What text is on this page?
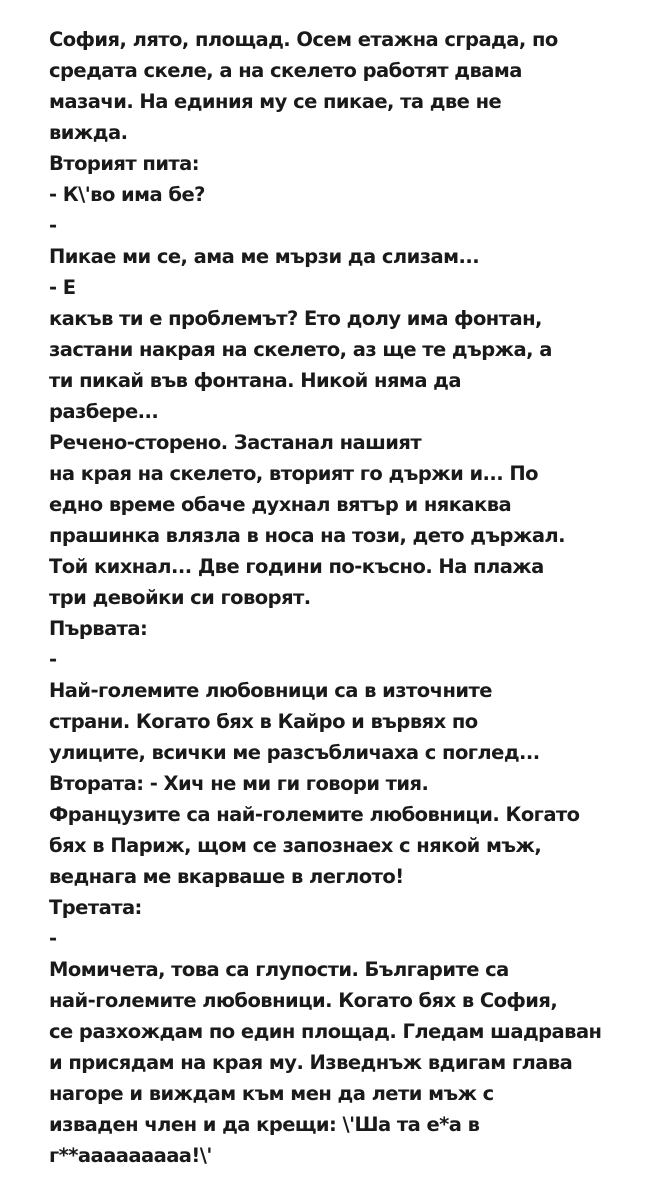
София, лято, площад. Осем етажна сграда, по
средата скеле, а на скелето работят двама
мазачи. На единия му се пикае, та две не
вижда.
Вторият пита:
- К\'во има бе?
-
Пикае ми се, ама ме мързи да слизам...
- Е
какъв ти е проблемът? Ето долу има фонтан,
застани накрая на скелето, аз ще те държа, а
ти пикай във фонтана. Никой няма да
разбере...
Речено-сторено. Застанал нашият
на края на скелето, вторият го държи и... По
едно време обаче духнал вятър и някаква
прашинка влязла в носа на този, дето държал.
Той кихнал... Две години по-късно. На плажа
три девойки си говорят.
Първата:
-
Най-големите любовници са в източните
страни. Когато бях в Кайро и вървях по
улиците, всички ме разсъбличаха с поглед...
Втората: - Хич не ми ги говори тия.
Французите са най-големите любовници. Когато
бях в Париж, щом се запознаех с някой мъж,
веднага ме вкарваше в леглото!
Третата:
-
Момичета, това са глупости. Българите са
най-големите любовници. Когато бях в София,
се разхождам по един площад. Гледам шадраван
и присядам на края му. Изведнъж вдигам глава
нагоре и виждам към мен да лети мъж с
изваден член и да крещи: \'Ша та е*а в
г**ааааааааа!\'
